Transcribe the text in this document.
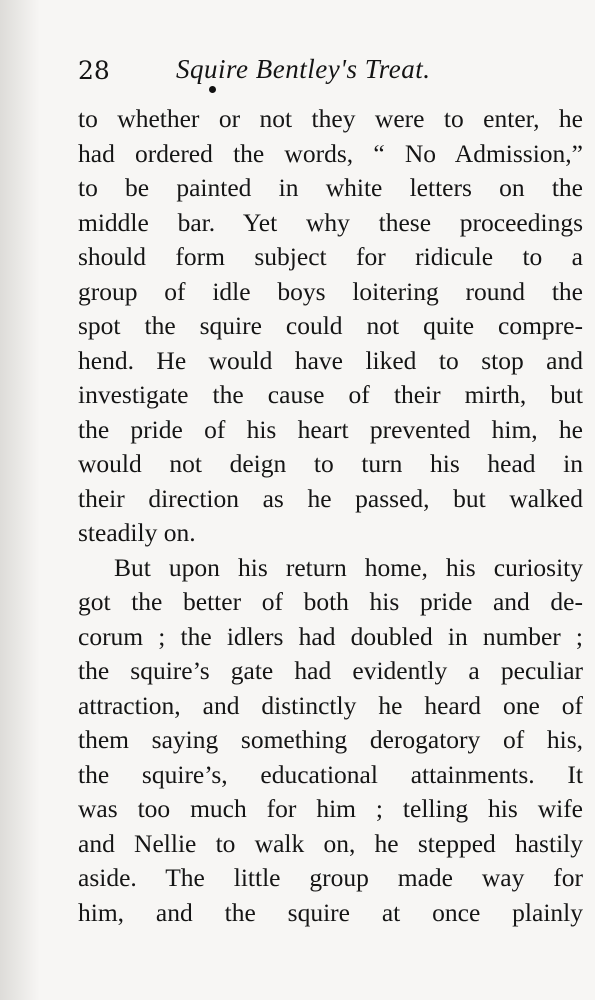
28 Squire Bentley's Treat.
to whether or not they were to enter, he
had ordered the words, “ No Admission,”
to be painted in white letters on the
middle bar. Yet why these proceedings
should form subject for ridicule to a
group of idle boys loitering round the
spot the squire could not quite compre-
hend. He would have liked to stop and
investigate the cause of their mirth, but
the pride of his heart prevented him, he
would not deign to turn his head in
their direction as he passed, but walked
steadily on.
But upon his return home, his curiosity
got the better of both his pride and de-
corum ; the idlers had doubled in number ;
the squire’s gate had evidently a peculiar
attraction, and distinctly he heard one of
them saying something derogatory of his,
the squire’s, educational attainments. It
was too much for him ; telling his wife
and Nellie to walk on, he stepped hastily
aside. The little group made way for
him, and the squire at once plainly
